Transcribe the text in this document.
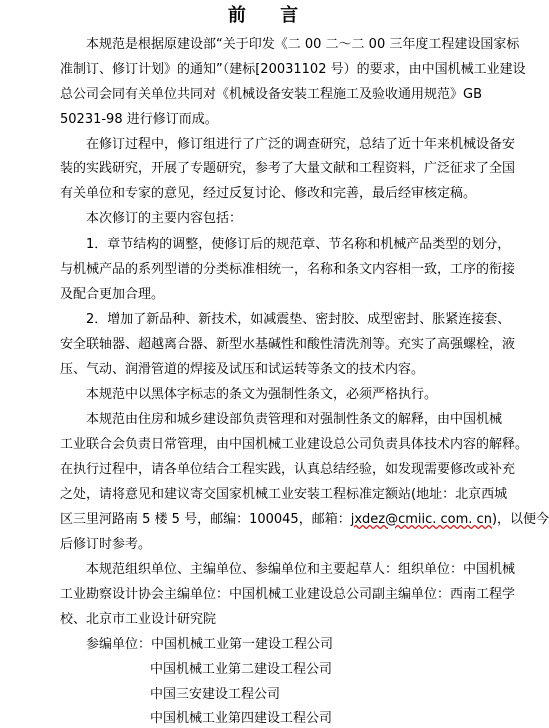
前 言
本规范是根据原建设部“关于印发《二 00 二～二 00 三年度工程建设国家标
准制订、修订计划》的通知”（建标[20031102 号）的要求，由中国机械工业建设
总公司会同有关单位共同对《机械设备安装工程施工及验收通用规范》GB
50231-98 进行修订而成。
在修订过程中，修订组进行了广泛的调查研究，总结了近十年来机械设备安
装的实践研究，开展了专题研究，参考了大量文献和工程资料，广泛征求了全国
有关单位和专家的意见，经过反复讨论、修改和完善，最后经审核定稿。
本次修订的主要内容包括：
1．章节结构的调整，使修订后的规范章、节名称和机械产品类型的划分，
与机械产品的系列型谱的分类标准相统一，名称和条文内容相一致，工序的衔接
及配合更加合理。
2．增加了新品种、新技术，如减震垫、密封胶、成型密封、胀紧连接套、
安全联轴器、超越离合器、新型水基碱性和酸性清洗剂等。充实了高强螺栓，液
压、气动、润滑管道的焊接及试压和试运转等条文的技术内容。
本规范中以黑体字标志的条文为强制性条文，必须严格执行。
本规范由住房和城乡建设部负责管理和对强制性条文的解释，由中国机械
工业联合会负责日常管理，由中国机械工业建设总公司负责具体技术内容的解释。
在执行过程中，请各单位结合工程实践，认真总结经验，如发现需要修改或补充
之处，请将意见和建议寄交国家机械工业安装工程标准定额站(地址：北京西城
区三里河路南 5 楼 5 号，邮编：100045，邮箱：jxdez@cmiic. com. cn)，以便今
后修订时参考。
本规范组织单位、主编单位、参编单位和主要起草人：组织单位：中国机械
工业勘察设计协会主编单位：中国机械工业建设总公司副主编单位：西南工程学
校、北京市工业设计研究院
参编单位：中国机械工业第一建设工程公司
中国机械工业第二建设工程公司
中国三安建设工程公司
中国机械工业第四建设工程公司
